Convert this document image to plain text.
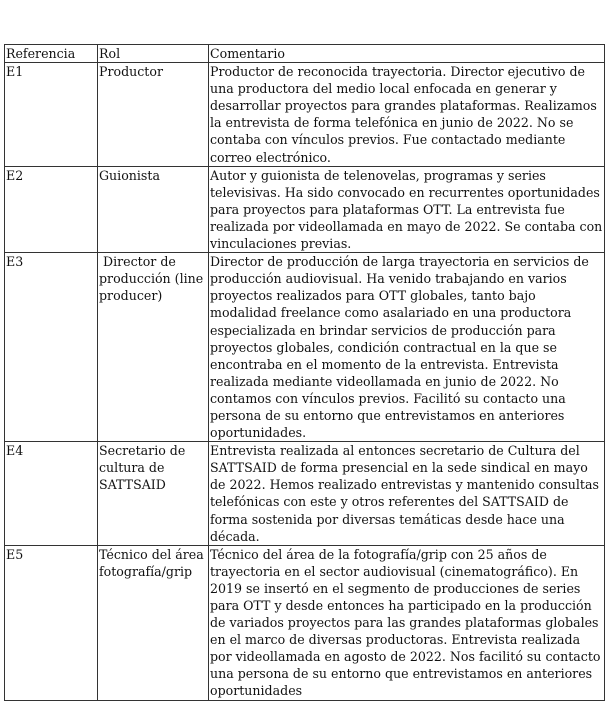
Referencia	Rol	Comentario
E1	Productor	Productor de reconocida trayectoria. Director ejecutivo de una productora del medio local enfocada en generar y desarrollar proyectos para grandes plataformas. Realizamos la entrevista de forma telefónica en junio de 2022. No se contaba con vínculos previos. Fue contactado mediante correo electrónico.
E2	Guionista	Autor y guionista de telenovelas, programas y series televisivas. Ha sido convocado en recurrentes oportunidades para proyectos para plataformas OTT. La entrevista fue realizada por videollamada en mayo de 2022. Se contaba con vinculaciones previas.
E3	Director de producción (line producer)	Director de producción de larga trayectoria en servicios de producción audiovisual. Ha venido trabajando en varios proyectos realizados para OTT globales, tanto bajo modalidad freelance como asalariado en una productora especializada en brindar servicios de producción para proyectos globales, condición contractual en la que se encontraba en el momento de la entrevista. Entrevista realizada mediante videollamada en junio de 2022. No contamos con vínculos previos. Facilitó su contacto una persona de su entorno que entrevistamos en anteriores oportunidades.
E4	Secretario de cultura de SATTSAID	Entrevista realizada al entonces secretario de Cultura del SATTSAID de forma presencial en la sede sindical en mayo de 2022. Hemos realizado entrevistas y mantenido consultas telefónicas con este y otros referentes del SATTSAID de forma sostenida por diversas temáticas desde hace una década.
E5	Técnico del área fotografía/grip	Técnico del área de la fotografía/grip con 25 años de trayectoria en el sector audiovisual (cinematográfico). En 2019 se insertó en el segmento de producciones de series para OTT y desde entonces ha participado en la producción de variados proyectos para las grandes plataformas globales en el marco de diversas productoras. Entrevista realizada por videollamada en agosto de 2022. Nos facilitó su contacto una persona de su entorno que entrevistamos en anteriores oportunidades
